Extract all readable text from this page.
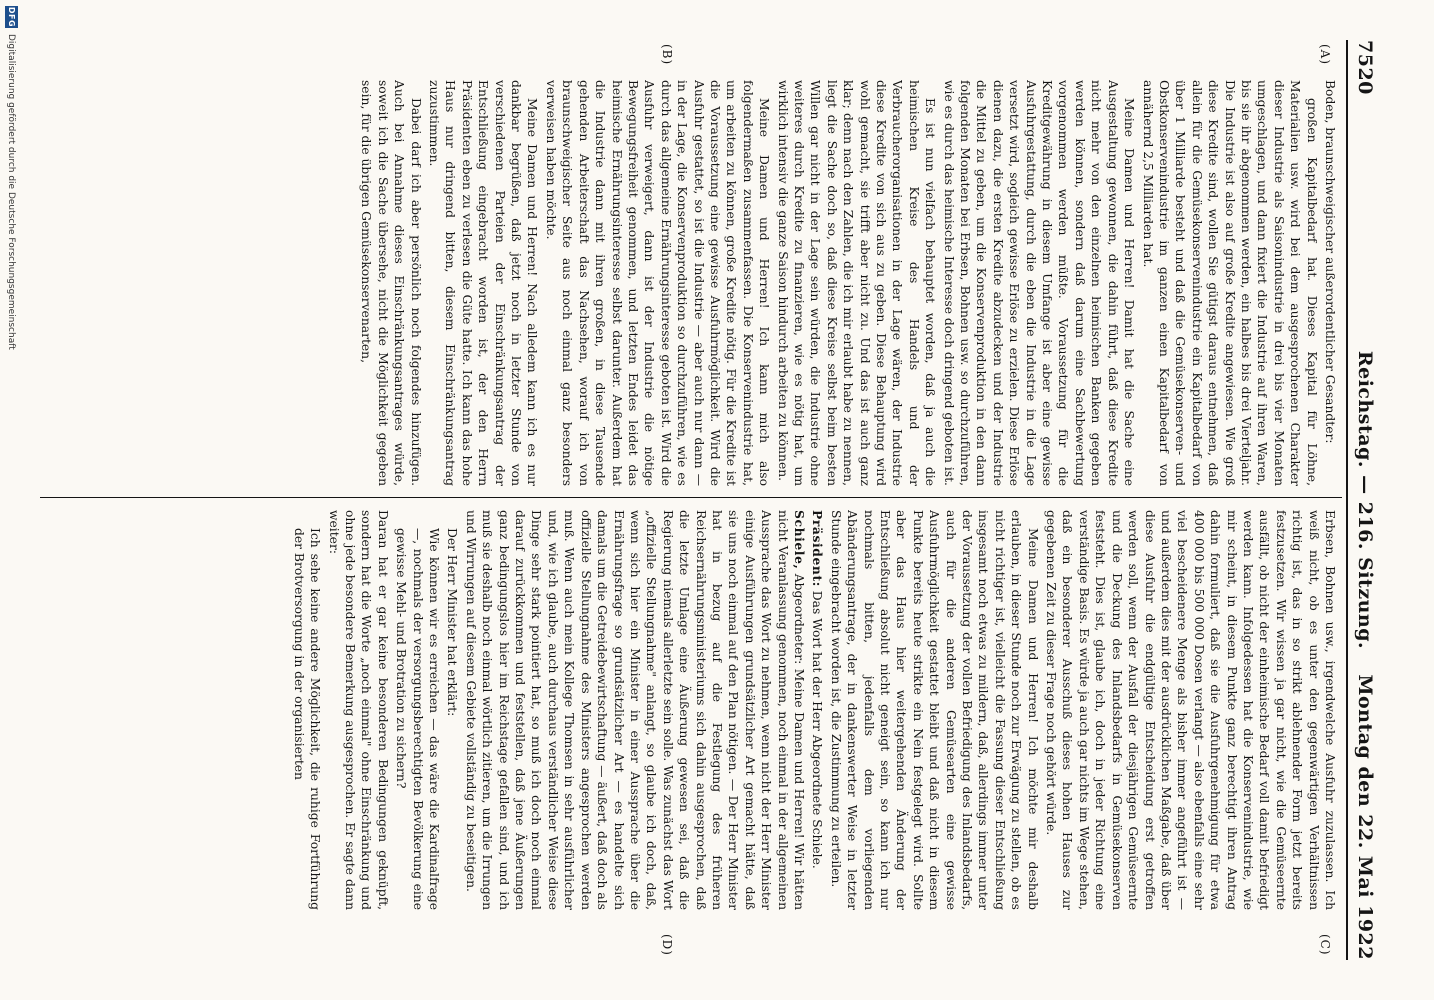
7520
Reichstag. — 216. Sitzung.
Montag den 22. Mai 1922
(A)
(B)
(C)
(D)

Boden, braunschweigischer außerordentlicher Gesandter:

großen Kapitalbedarf hat. Dieses Kapital für Löhne, Materialien usw. wird bei dem ausgesprochenen Charakter dieser Industrie als Saisonindustrie in drei bis vier Monaten umgeschlagen, und dann fixiert die Industrie auf ihren Waren, bis sie ihr abgenommen werden, ein halbes bis drei Vierteljahr. Die Industrie ist also auf große Kredite angewiesen. Wie groß diese Kredite sind, wollen Sie gütigst daraus entnehmen, daß allein für die Gemüsekonservenindustrie ein Kapitalbedarf von über 1 Milliarde besteht und daß die Gemüsekonserven- und Obstkonservenindustrie im ganzen einen Kapitalbedarf von annähernd 2,5 Milliarden hat.

Meine Damen und Herren! Damit hat die Sache eine Ausgestaltung gewonnen, die dahin führt, daß diese Kredite nicht mehr von den einzelnen heimischen Banken gegeben werden können, sondern daß darum eine Sachbewertung vorgenommen werden müßte. Voraussetzung für die Kreditgewährung in diesem Umfange ist aber eine gewisse Ausfuhrgestattung, durch die eben die Industrie in die Lage versetzt wird, sogleich gewisse Erlöse zu erzielen. Diese Erlöse dienen dazu, die ersten Kredite abzudecken und der Industrie die Mittel zu geben, um die Konservenproduktion in den dann folgenden Monaten bei Erbsen, Bohnen usw. so durchzuführen, wie es durch das heimische Interesse doch dringend geboten ist.

Es ist nun vielfach behauptet worden, daß ja auch die heimischen Kreise des Handels und der Verbraucherorganisationen in der Lage wären, der Industrie diese Kredite von sich aus zu geben. Diese Behauptung wird wohl gemacht, sie trifft aber nicht zu. Und das ist auch ganz klar; denn nach den Zahlen, die ich mir erlaubt habe zu nennen, liegt die Sache doch so, daß diese Kreise selbst beim besten Willen gar nicht in der Lage sein würden, die Industrie ohne weiteres durch Kredite zu finanzieren, wie es nötig hat, um wirklich intensiv die ganze Saison hindurch arbeiten zu können.

Meine Damen und Herren! Ich kann mich also folgendermaßen zusammenfassen. Die Konservenindustrie hat, um arbeiten zu können, große Kredite nötig. Für die Kredite ist die Voraussetzung eine gewisse Ausfuhrmöglichkeit. Wird die Ausfuhr gestattet, so ist die Industrie — aber auch nur dann — in der Lage, die Konservenproduktion so durchzuführen, wie es durch das allgemeine Ernährungsinteresse geboten ist. Wird die Ausfuhr verweigert, dann ist der Industrie die nötige Bewegungsfreiheit genommen, und letzten Endes leidet das heimische Ernährungsinteresse selbst darunter. Außerdem hat die Industrie dann mit ihren großen, in diese Tausende gehenden Arbeiterschaft das Nachsehen, worauf ich von braunschweigischer Seite aus noch einmal ganz besonders verweisen haben möchte.

Meine Damen und Herren! Nach alledem kann ich es nur dankbar begrüßen, daß jetzt noch in letzter Stunde von verschiedenen Parteien der Einschränkungsantrag der Entschließung eingebracht worden ist, der den Herrn Präsidenten eben zu verlesen die Güte hatte. Ich kann das hohe Haus nur dringend bitten, diesem Einschränkungsantrag zuzustimmen.

Dabei darf ich aber persönlich noch folgendes hinzufügen. Auch bei Annahme dieses Einschränkungsantrages würde, soweit ich die Sache übersehe, nicht die Möglichkeit gegeben sein, für die übrigen Gemüsekonservenarten,

Erbsen, Bohnen usw., irgendwelche Ausfuhr zuzulassen. Ich weiß nicht, ob es unter den gegenwärtigen Verhältnissen richtig ist, das in so strikt ablehnender Form jetzt bereits festzusetzen. Wir wissen ja gar nicht, wie die Gemüseernte ausfällt, ob nicht der einheimische Bedarf voll damit befriedigt werden kann. Infolgedessen hat die Konservenindustrie, wie mir scheint, in diesem Punkte ganz berechtigt ihren Antrag dahin formuliert, daß sie die Ausfuhrgenehmigung für etwa 400 000 bis 500 000 Dosen verlangt — also ebenfalls eine sehr viel bescheidenere Menge als bisher immer angeführt ist — und außerdem dies mit der ausdrücklichen Maßgabe, daß über diese Ausfuhr die endgültige Entscheidung erst getroffen werden soll, wenn der Ausfall der diesjährigen Gemüseernte und die Deckung des Inlandsbedarfs in Gemüsekonserven feststeht. Dies ist, glaube ich, doch in jeder Richtung eine verständige Basis. Es würde ja auch gar nichts im Wege stehen, daß ein besonderer Ausschuß dieses hohen Hauses zur gegebenen Zeit zu dieser Frage noch gehört würde.

Meine Damen und Herren! Ich möchte mir deshalb erlauben, in dieser Stunde noch zur Erwägung zu stellen, ob es nicht richtiger ist, vielleicht die Fassung dieser Entschließung insgesamt noch etwas zu mildern, daß, allerdings immer unter der Voraussetzung der vollen Befriedigung des Inlandsbedarfs, auch für die anderen Gemüsearten eine gewisse Ausfuhrmöglichkeit gestattet bleibt und daß nicht in diesem Punkte bereits heute strikte ein Nein festgelegt wird. Sollte aber das Haus hier weitergehenden Änderung der Entschließung absolut nicht geneigt sein, so kann ich nur nochmals bitten, jedenfalls dem vorliegenden Abänderungsantrage, der in dankenswerter Weise in letzter Stunde eingebracht worden ist, die Zustimmung zu erteilen.

Präsident: Das Wort hat der Herr Abgeordnete Schiele.

Schiele, Abgeordneter: Meine Damen und Herren! Wir hätten nicht Veranlassung genommen, noch einmal in der allgemeinen Aussprache das Wort zu nehmen, wenn nicht der Herr Minister einige Ausführungen grundsätzlicher Art gemacht hätte, daß sie uns noch einmal auf den Plan nötigen. — Der Herr Minister hat in bezug auf die Festlegung des früheren Reichsernährungsministeriums sich dahin ausgesprochen, daß die letzte Umlage eine Äußerung gewesen sei, daß die Regierung niemals allerletzte sein solle. Was zunächst das Wort „offizielle Stellungnahme" anlangt, so glaube ich doch, daß, wenn sich hier ein Minister in einer Aussprache über die Ernährungsfrage so grundsätzlicher Art — es handelte sich damals um die Getreidebewirtschaftung — äußert, daß doch als offizielle Stellungnahme des Ministers angesprochen werden muß. Wenn auch mein Kollege Thomsen in sehr ausführlicher und, wie ich glaube, auch durchaus verständlicher Weise diese Dinge sehr stark pointiert hat, so muß ich doch noch einmal darauf zurückkommen und feststellen, daß jene Äußerungen ganz bedingungslos hier im Reichstage gefallen sind, und ich muß sie deshalb noch einmal wörtlich zitieren, um die Irrungen und Wirrungen auf diesem Gebiete vollständig zu beseitigen.

Der Herr Minister hat erklärt:

Wie können wir es erreichen — das wäre die Kardinalfrage —, nochmals der versorgungsberechtigten Bevölkerung eine gewisse Mehl- und Brotration zu sichern?

Daran hat er gar keine besonderen Bedingungen geknüpft, sondern hat die Worte „noch einmal" ohne Einschränkung und ohne jede besondere Bemerkung ausgesprochen. Er sagte dann weiter:

Ich sehe keine andere Möglichkeit, die ruhige Fortführung der Brotversorgung in der organisierten

DFG
Digitalisierung gefördert durch die Deutsche Forschungsgemeinschaft
